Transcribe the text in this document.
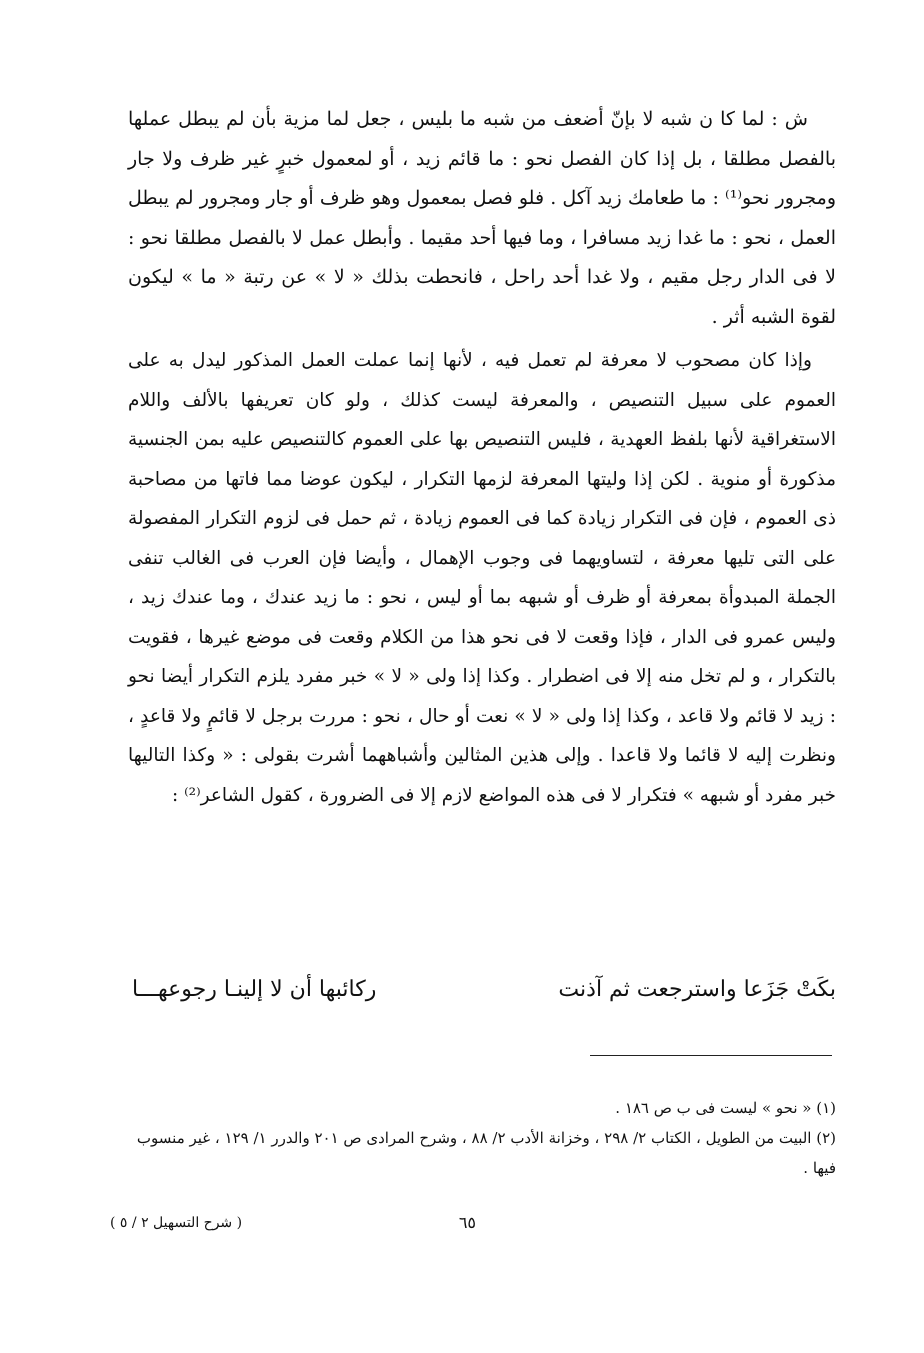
ش : لما كا ن شبه لا بإنّ أضعف من شبه ما بليس ، جعل لما مزية بأن لم يبطل عملها بالفصل مطلقا ، بل إذا كان الفصل نحو : ما قائم زيد ، أو لمعمول خبرٍ غير ظرف ولا جار ومجرور نحو⁽¹⁾ : ما طعامك زيد آكل . فلو فصل بمعمول وهو ظرف أو جار ومجرور لم يبطل العمل ، نحو : ما غدا زيد مسافرا ، وما فيها أحد مقيما . وأبطل عمل لا بالفصل مطلقا نحو : لا فى الدار رجل مقيم ، ولا غدا أحد راحل ، فانحطت بذلك « لا » عن رتبة « ما » ليكون لقوة الشبه أثر .

وإذا كان مصحوب لا معرفة لم تعمل فيه ، لأنها إنما عملت العمل المذكور ليدل به على العموم على سبيل التنصيص ، والمعرفة ليست كذلك ، ولو كان تعريفها بالألف واللام الاستغراقية لأنها بلفظ العهدية ، فليس التنصيص بها على العموم كالتنصيص عليه بمن الجنسية مذكورة أو منوية . لكن إذا وليتها المعرفة لزمها التكرار ، ليكون عوضا مما فاتها من مصاحبة ذى العموم ، فإن فى التكرار زيادة كما فى العموم زيادة ، ثم حمل فى لزوم التكرار المفصولة على التى تليها معرفة ، لتساويهما فى وجوب الإهمال ، وأيضا فإن العرب فى الغالب تنفى الجملة المبدوأة بمعرفة أو ظرف أو شبهه بما أو ليس ، نحو : ما زيد عندك ، وما عندك زيد ، وليس عمرو فى الدار ، فإذا وقعت لا فى نحو هذا من الكلام وقعت فى موضع غيرها ، فقويت بالتكرار ، و لم تخل منه إلا فى اضطرار . وكذا إذا ولى « لا » خبر مفرد يلزم التكرار أيضا نحو : زيد لا قائم ولا قاعد ، وكذا إذا ولى « لا » نعت أو حال ، نحو : مررت برجل لا قائمٍ ولا قاعدٍ ، ونظرت إليه لا قائما ولا قاعدا . وإلى هذين المثالين وأشباههما أشرت بقولى : « وكذا التاليها خبر مفرد أو شبهه » فتكرار لا فى هذه المواضع لازم إلا فى الضرورة ، كقول الشاعر⁽²⁾ :

بكَتْ جَزَعا واسترجعت ثم آذنت
ركائبها أن لا إلينـا رجوعهـــا

(١) « نحو » ليست فى ب ص ١٨٦ .

(٢) البيت من الطويل ، الكتاب ٢/ ٢٩٨ ، وخزانة الأدب ٢/ ٨٨ ، وشرح المرادى ص ٢٠١ والدرر ١/ ١٢٩ ، غير منسوب فيها .

٦٥
( شرح التسهيل ٢ / ٥ )
